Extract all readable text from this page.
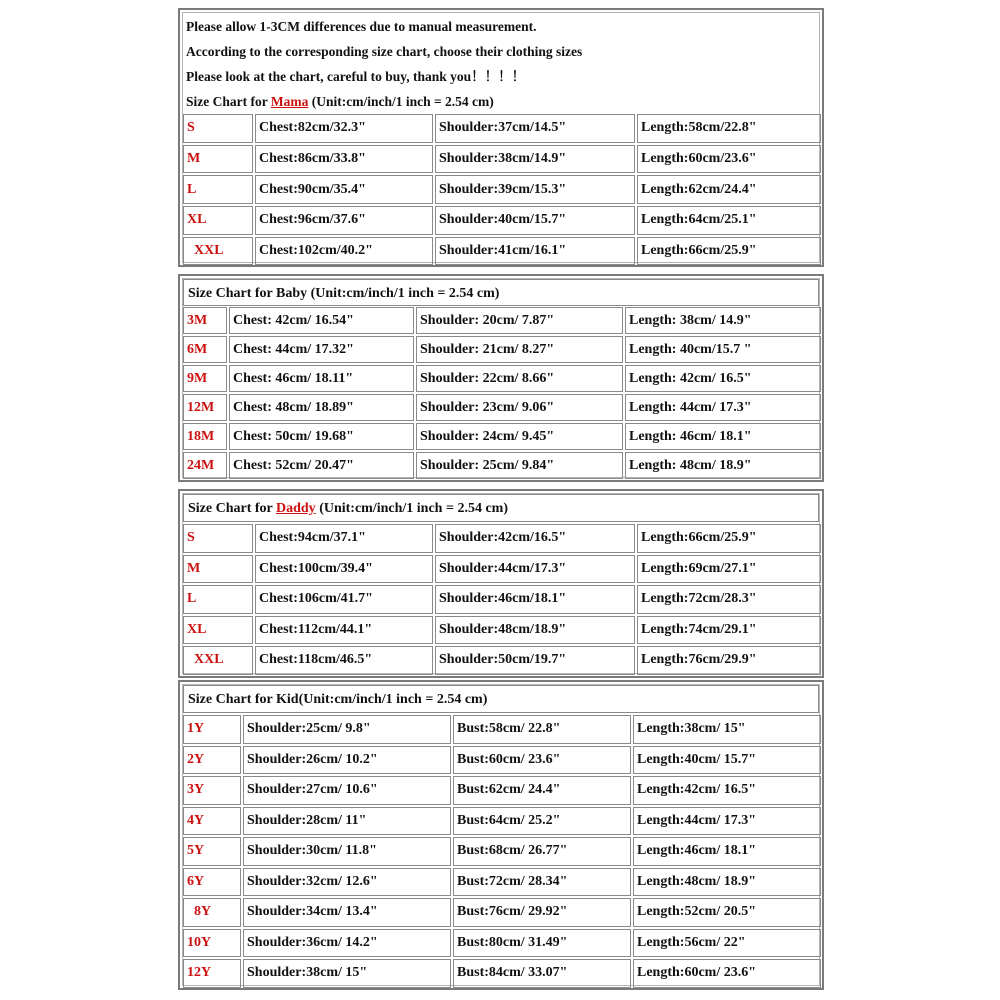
Please allow 1-3CM differences due to manual measurement.
According to the corresponding size chart, choose their clothing sizes
Please look at the chart, careful to buy, thank you！！！！
Size Chart for Mama (Unit:cm/inch/1 inch = 2.54 cm)
S	Chest:82cm/32.3"	Shoulder:37cm/14.5"	Length:58cm/22.8"
M	Chest:86cm/33.8"	Shoulder:38cm/14.9"	Length:60cm/23.6"
L	Chest:90cm/35.4"	Shoulder:39cm/15.3"	Length:62cm/24.4"
XL	Chest:96cm/37.6"	Shoulder:40cm/15.7"	Length:64cm/25.1"
XXL	Chest:102cm/40.2"	Shoulder:41cm/16.1"	Length:66cm/25.9"
Size Chart for Baby (Unit:cm/inch/1 inch = 2.54 cm)
3M	Chest: 42cm/ 16.54"	Shoulder: 20cm/ 7.87"	Length: 38cm/ 14.9"
6M	Chest: 44cm/ 17.32"	Shoulder: 21cm/ 8.27"	Length: 40cm/15.7 "
9M	Chest: 46cm/ 18.11"	Shoulder: 22cm/ 8.66"	Length: 42cm/ 16.5"
12M	Chest: 48cm/ 18.89"	Shoulder: 23cm/ 9.06"	Length: 44cm/ 17.3"
18M	Chest: 50cm/ 19.68"	Shoulder: 24cm/ 9.45"	Length: 46cm/ 18.1"
24M	Chest: 52cm/ 20.47"	Shoulder: 25cm/ 9.84"	Length: 48cm/ 18.9"
Size Chart for Daddy (Unit:cm/inch/1 inch = 2.54 cm)
S	Chest:94cm/37.1"	Shoulder:42cm/16.5"	Length:66cm/25.9"
M	Chest:100cm/39.4"	Shoulder:44cm/17.3"	Length:69cm/27.1"
L	Chest:106cm/41.7"	Shoulder:46cm/18.1"	Length:72cm/28.3"
XL	Chest:112cm/44.1"	Shoulder:48cm/18.9"	Length:74cm/29.1"
XXL	Chest:118cm/46.5"	Shoulder:50cm/19.7"	Length:76cm/29.9"
Size Chart for Kid(Unit:cm/inch/1 inch = 2.54 cm)
1Y	Shoulder:25cm/ 9.8"	Bust:58cm/ 22.8"	Length:38cm/ 15"
2Y	Shoulder:26cm/ 10.2"	Bust:60cm/ 23.6"	Length:40cm/ 15.7"
3Y	Shoulder:27cm/ 10.6"	Bust:62cm/ 24.4"	Length:42cm/ 16.5"
4Y	Shoulder:28cm/ 11"	Bust:64cm/ 25.2"	Length:44cm/ 17.3"
5Y	Shoulder:30cm/ 11.8"	Bust:68cm/ 26.77"	Length:46cm/ 18.1"
6Y	Shoulder:32cm/ 12.6"	Bust:72cm/ 28.34"	Length:48cm/ 18.9"
8Y	Shoulder:34cm/ 13.4"	Bust:76cm/ 29.92"	Length:52cm/ 20.5"
10Y	Shoulder:36cm/ 14.2"	Bust:80cm/ 31.49"	Length:56cm/ 22"
12Y	Shoulder:38cm/ 15"	Bust:84cm/ 33.07"	Length:60cm/ 23.6"
